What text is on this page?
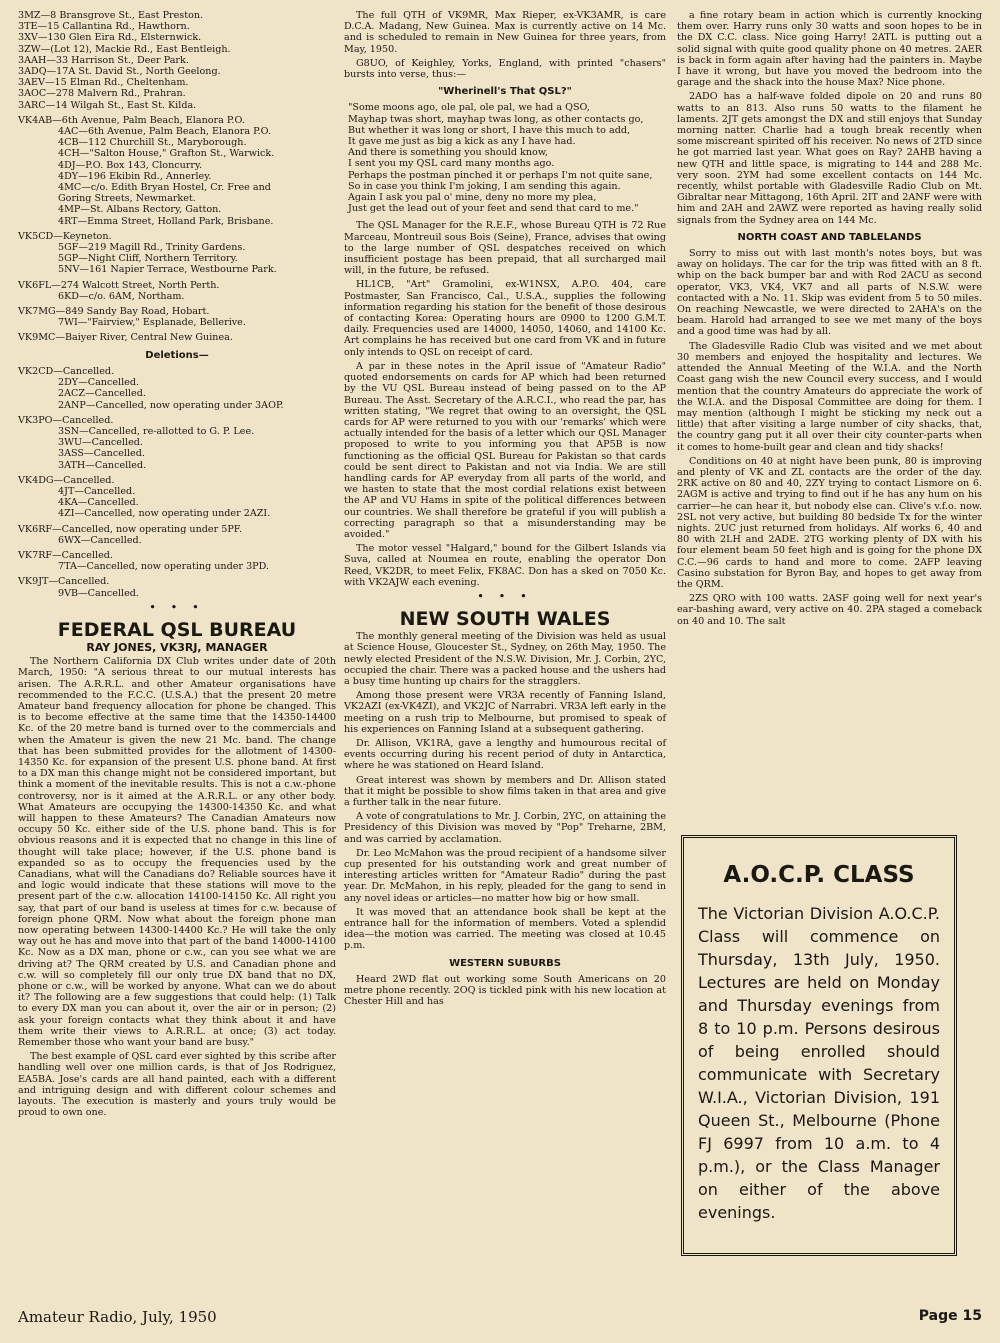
3MZ—8 Bransgrove St., East Preston.
3TE—15 Callantina Rd., Hawthorn.
3XV—130 Glen Eira Rd., Elsternwick.
3ZW—(Lot 12), Mackie Rd., East Bentleigh.
3AAH—33 Harrison St., Deer Park.
3ADQ—17A St. David St., North Geelong.
3AEV—15 Elman Rd., Cheltenham.
3AOC—278 Malvern Rd., Prahran.
3ARC—14 Wilgah St., East St. Kilda.
VK4AB—6th Avenue, Palm Beach, Elanora P.O.
4AC—6th Avenue, Palm Beach, Elanora P.O.
4CB—112 Churchill St., Maryborough.
4CH—"Salton House," Grafton St., Warwick.
4DJ—P.O. Box 143, Cloncurry.
4DY—196 Ekibin Rd., Annerley.
4MC—c/o. Edith Bryan Hostel, Cr. Free and
Goring Streets, Newmarket.
4MP—St. Albans Rectory, Gatton.
4RT—Emma Street, Holland Park, Brisbane.
VK5CD—Keyneton.
5GF—219 Magill Rd., Trinity Gardens.
5GP—Night Cliff, Northern Territory.
5NV—161 Napier Terrace, Westbourne Park.
VK6FL—274 Walcott Street, North Perth.
6KD—c/o. 6AM, Northam.
VK7MG—849 Sandy Bay Road, Hobart.
7WI—"Fairview," Esplanade, Bellerive.
VK9MC—Baiyer River, Central New Guinea.
Deletions—
VK2CD—Cancelled.
2DY—Cancelled.
2ACZ—Cancelled.
2ANP—Cancelled, now operating under 3AOP.
VK3PO—Cancelled.
3SN—Cancelled, re-allotted to G. P. Lee.
3WU—Cancelled.
3ASS—Cancelled.
3ATH—Cancelled.
VK4DG—Cancelled.
4JT—Cancelled.
4KA—Cancelled.
4ZI—Cancelled, now operating under 2AZI.
VK6RF—Cancelled, now operating under 5PF.
6WX—Cancelled.
VK7RF—Cancelled.
7TA—Cancelled, now operating under 3PD.
VK9JT—Cancelled.
9VB—Cancelled.
• • •
FEDERAL QSL BUREAU
RAY JONES, VK3RJ, MANAGER

The Northern California DX Club writes under date of 20th March, 1950: "A serious threat to our mutual interests has arisen. The A.R.R.L. and other Amateur organisations have recommended to the F.C.C. (U.S.A.) that the present 20 metre Amateur band frequency allocation for phone be changed. This is to become effective at the same time that the 14350-14400 Kc. of the 20 metre band is turned over to the commercials and when the Amateur is given the new 21 Mc. band. The change that has been submitted provides for the allotment of 14300-14350 Kc. for expansion of the present U.S. phone band. At first to a DX man this change might not be considered important, but think a moment of the inevitable results. This is not a c.w.-phone controversy, nor is it aimed at the A.R.R.L. or any other body. What Amateurs are occupying the 14300-14350 Kc. and what will happen to these Amateurs? The Canadian Amateurs now occupy 50 Kc. either side of the U.S. phone band. This is for obvious reasons and it is expected that no change in this line of thought will take place; however, if the U.S. phone band is expanded so as to occupy the frequencies used by the Canadians, what will the Canadians do? Reliable sources have it and logic would indicate that these stations will move to the present part of the c.w. allocation 14100-14150 Kc. All right you say, that part of our band is useless at times for c.w. because of foreign phone QRM. Now what about the foreign phone man now operating between 14300-14400 Kc.? He will take the only way out he has and move into that part of the band 14000-14100 Kc. Now as a DX man, phone or c.w., can you see what we are driving at? The QRM created by U.S. and Canadian phone and c.w. will so completely fill our only true DX band that no DX, phone or c.w., will be worked by anyone. What can we do about it? The following are a few suggestions that could help: (1) Talk to every DX man you can about it, over the air or in person; (2) ask your foreign contacts what they think about it and have them write their views to A.R.R.L. at once; (3) act today. Remember those who want your band are busy."

The best example of QSL card ever sighted by this scribe after handling well over one million cards, is that of Jos Rodriguez, EA5BA. Jose's cards are all hand painted, each with a different and intriguing design and with different colour schemes and layouts. The execution is masterly and yours truly would be proud to own one.

The full QTH of VK9MR, Max Rieper, ex-VK3AMR, is care D.C.A. Madang, New Guinea. Max is currently active on 14 Mc. and is scheduled to remain in New Guinea for three years, from May, 1950.

G8UO, of Keighley, Yorks, England, with printed "chasers" bursts into verse, thus:—

"Wherinell's That QSL?"

"Some moons ago, ole pal, ole pal, we had a QSO,

Mayhap twas short, mayhap twas long, as other contacts go,

But whether it was long or short, I have this much to add,

It gave me just as big a kick as any I have had.

And there is something you should know,

I sent you my QSL card many months ago.

Perhaps the postman pinched it or perhaps I'm not quite sane,

So in case you think I'm joking, I am sending this again.

Again I ask you pal o' mine, deny no more my plea,

Just get the lead out of your feet and send that card to me."

The QSL Manager for the R.E.F., whose Bureau QTH is 72 Rue Marceau, Montreuil sous Bois (Seine), France, advises that owing to the large number of QSL despatches received on which insufficient postage has been prepaid, that all surcharged mail will, in the future, be refused.

HL1CB, "Art" Gramolini, ex-W1NSX, A.P.O. 404, care Postmaster, San Francisco, Cal., U.S.A., supplies the following information regarding his station for the benefit of those desirous of contacting Korea: Operating hours are 0900 to 1200 G.M.T. daily. Frequencies used are 14000, 14050, 14060, and 14100 Kc. Art complains he has received but one card from VK and in future only intends to QSL on receipt of card.

A par in these notes in the April issue of "Amateur Radio" quoted endorsements on cards for AP which had been returned by the VU QSL Bureau instead of being passed on to the AP Bureau. The Asst. Secretary of the A.R.C.I., who read the par, has written stating, "We regret that owing to an oversight, the QSL cards for AP were returned to you with our 'remarks' which were actually intended for the basis of a letter which our QSL Manager proposed to write to you informing you that AP5B is now functioning as the official QSL Bureau for Pakistan so that cards could be sent direct to Pakistan and not via India. We are still handling cards for AP everyday from all parts of the world, and we hasten to state that the most cordial relations exist between the AP and VU Hams in spite of the political differences between our countries. We shall therefore be grateful if you will publish a correcting paragraph so that a misunderstanding may be avoided."

The motor vessel "Halgard," bound for the Gilbert Islands via Suva, called at Noumea en route, enabling the operator Don Reed, VK2DR, to meet Felix, FK8AC. Don has a sked on 7050 Kc. with VK2AJW each evening.

• • •
NEW SOUTH WALES

The monthly general meeting of the Division was held as usual at Science House, Gloucester St., Sydney, on 26th May, 1950. The newly elected President of the N.S.W. Division, Mr. J. Corbin, 2YC, occupied the chair. There was a packed house and the ushers had a busy time hunting up chairs for the stragglers.

Among those present were VR3A recently of Fanning Island, VK2AZI (ex-VK4ZI), and VK2JC of Narrabri. VR3A left early in the meeting on a rush trip to Melbourne, but promised to speak of his experiences on Fanning Island at a subsequent gathering.

Dr. Allison, VK1RA, gave a lengthy and humourous recital of events occurring during his recent period of duty in Antarctica, where he was stationed on Heard Island.

Great interest was shown by members and Dr. Allison stated that it might be possible to show films taken in that area and give a further talk in the near future.

A vote of congratulations to Mr. J. Corbin, 2YC, on attaining the Presidency of this Division was moved by "Pop" Treharne, 2BM, and was carried by acclamation.

Dr. Leo McMahon was the proud recipient of a handsome silver cup presented for his outstanding work and great number of interesting articles written for "Amateur Radio" during the past year. Dr. McMahon, in his reply, pleaded for the gang to send in any novel ideas or articles—no matter how big or how small.

It was moved that an attendance book shall be kept at the entrance hall for the information of members. Voted a splendid idea—the motion was carried. The meeting was closed at 10.45 p.m.

WESTERN SUBURBS

Heard 2WD flat out working some South Americans on 20 metre phone recently. 2OQ is tickled pink with his new location at Chester Hill and has

a fine rotary beam in action which is currently knocking them over. Harry runs only 30 watts and soon hopes to be in the DX C.C. class. Nice going Harry! 2ATL is putting out a solid signal with quite good quality phone on 40 metres. 2AER is back in form again after having had the painters in. Maybe I have it wrong, but have you moved the bedroom into the garage and the shack into the house Max? Nice phone.

2ADO has a half-wave folded dipole on 20 and runs 80 watts to an 813. Also runs 50 watts to the filament he laments. 2JT gets amongst the DX and still enjoys that Sunday morning natter. Charlie had a tough break recently when some miscreant spirited off his receiver. No news of 2TD since he got married last year. What goes on Ray? 2AHB having a new QTH and little space, is migrating to 144 and 288 Mc. very soon. 2YM had some excellent contacts on 144 Mc. recently, whilst portable with Gladesville Radio Club on Mt. Gibraltar near Mittagong, 16th April. 2IT and 2ANF were with him and 2AH and 2AWZ were reported as having really solid signals from the Sydney area on 144 Mc.

NORTH COAST AND TABLELANDS

Sorry to miss out with last month's notes boys, but was away on holidays. The car for the trip was fitted with an 8 ft. whip on the back bumper bar and with Rod 2ACU as second operator, VK3, VK4, VK7 and all parts of N.S.W. were contacted with a No. 11. Skip was evident from 5 to 50 miles. On reaching Newcastle, we were directed to 2AHA's on the beam. Harold had arranged to see we met many of the boys and a good time was had by all.

The Gladesville Radio Club was visited and we met about 30 members and enjoyed the hospitality and lectures. We attended the Annual Meeting of the W.I.A. and the North Coast gang wish the new Council every success, and I would mention that the country Amateurs do appreciate the work of the W.I.A. and the Disposal Committee are doing for them. I may mention (although I might be sticking my neck out a little) that after visiting a large number of city shacks, that, the country gang put it all over their city counter-parts when it comes to home-built gear and clean and tidy shacks!

Conditions on 40 at night have been punk, 80 is improving and plenty of VK and ZL contacts are the order of the day. 2RK active on 80 and 40, 2ZY trying to contact Lismore on 6. 2AGM is active and trying to find out if he has any hum on his carrier—he can hear it, but nobody else can. Clive's v.f.o. now. 2SL not very active, but building 80 bedside Tx for the winter nights. 2UC just returned from holidays. Alf works 6, 40 and 80 with 2LH and 2ADE. 2TG working plenty of DX with his four element beam 50 feet high and is going for the phone DX C.C.—96 cards to hand and more to come. 2AFP leaving Casino substation for Byron Bay, and hopes to get away from the QRM.

2ZS QRO with 100 watts. 2ASF going well for next year's ear-bashing award, very active on 40. 2PA staged a comeback on 40 and 10. The salt

A.O.C.P. CLASS
The Victorian Division A.O.C.P. Class will commence on Thursday, 13th July, 1950. Lectures are held on Monday and Thursday evenings from 8 to 10 p.m. Persons desirous of being enrolled should communicate with Secretary W.I.A., Victorian Division, 191 Queen St., Melbourne (Phone FJ 6997 from 10 a.m. to 4 p.m.), or the Class Manager on either of the above evenings.
Amateur Radio, July, 1950	Page 15
